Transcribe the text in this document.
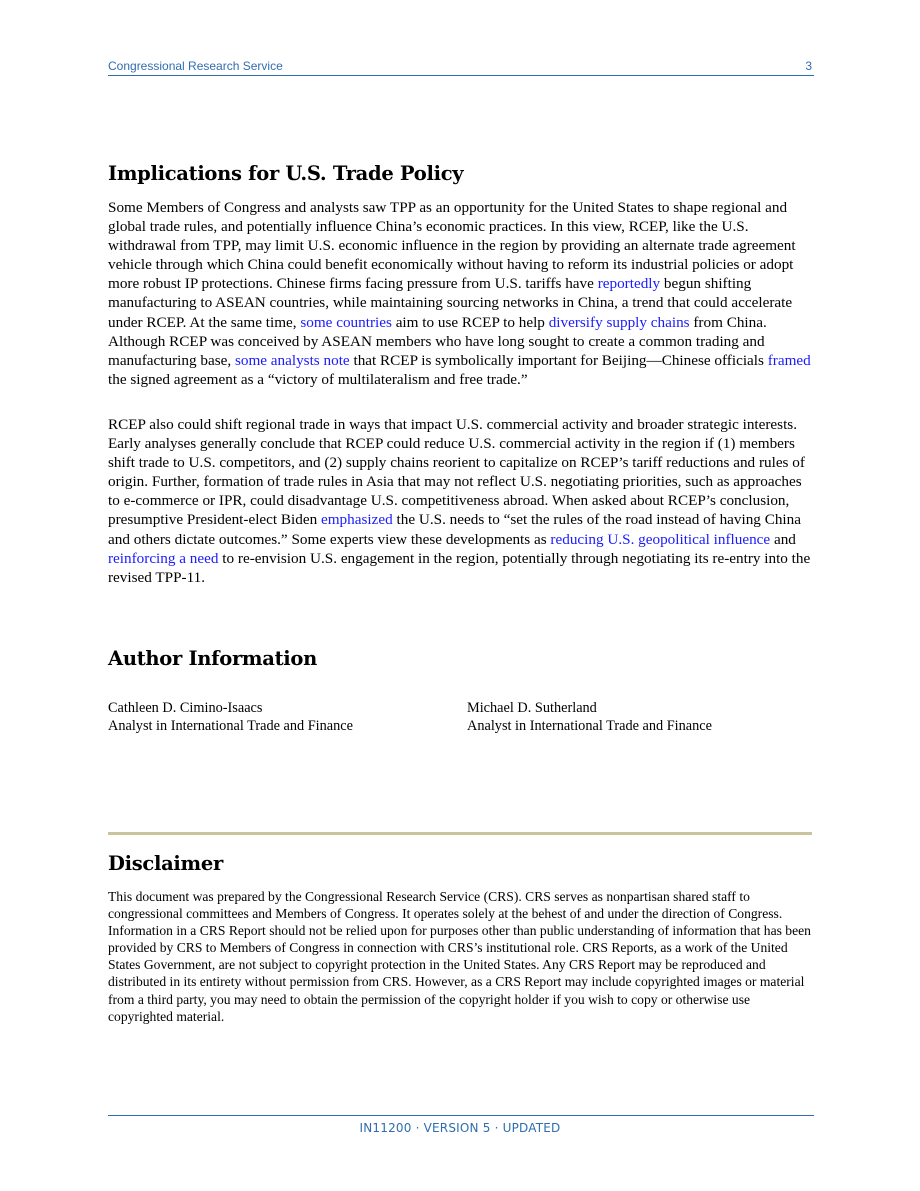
Congressional Research Service	3
Implications for U.S. Trade Policy

Some Members of Congress and analysts saw TPP as an opportunity for the United States to shape regional and global trade rules, and potentially influence China’s economic practices. In this view, RCEP, like the U.S. withdrawal from TPP, may limit U.S. economic influence in the region by providing an alternate trade agreement vehicle through which China could benefit economically without having to reform its industrial policies or adopt more robust IP protections. Chinese firms facing pressure from U.S. tariffs have reportedly begun shifting manufacturing to ASEAN countries, while maintaining sourcing networks in China, a trend that could accelerate under RCEP. At the same time, some countries aim to use RCEP to help diversify supply chains from China. Although RCEP was conceived by ASEAN members who have long sought to create a common trading and manufacturing base, some analysts note that RCEP is symbolically important for Beijing—Chinese officials framed the signed agreement as a “victory of multilateralism and free trade.”

RCEP also could shift regional trade in ways that impact U.S. commercial activity and broader strategic interests. Early analyses generally conclude that RCEP could reduce U.S. commercial activity in the region if (1) members shift trade to U.S. competitors, and (2) supply chains reorient to capitalize on RCEP’s tariff reductions and rules of origin. Further, formation of trade rules in Asia that may not reflect U.S. negotiating priorities, such as approaches to e-commerce or IPR, could disadvantage U.S. competitiveness abroad. When asked about RCEP’s conclusion, presumptive President-elect Biden emphasized the U.S. needs to “set the rules of the road instead of having China and others dictate outcomes.” Some experts view these developments as reducing U.S. geopolitical influence and reinforcing a need to re-envision U.S. engagement in the region, potentially through negotiating its re-entry into the revised TPP-11.

Author Information
Cathleen D. Cimino-Isaacs
Analyst in International Trade and Finance
Michael D. Sutherland
Analyst in International Trade and Finance
Disclaimer

This document was prepared by the Congressional Research Service (CRS). CRS serves as nonpartisan shared staff to congressional committees and Members of Congress. It operates solely at the behest of and under the direction of Congress. Information in a CRS Report should not be relied upon for purposes other than public understanding of information that has been provided by CRS to Members of Congress in connection with CRS’s institutional role. CRS Reports, as a work of the United States Government, are not subject to copyright protection in the United States. Any CRS Report may be reproduced and distributed in its entirety without permission from CRS. However, as a CRS Report may include copyrighted images or material from a third party, you may need to obtain the permission of the copyright holder if you wish to copy or otherwise use copyrighted material.

IN11200 · VERSION 5 · UPDATED
